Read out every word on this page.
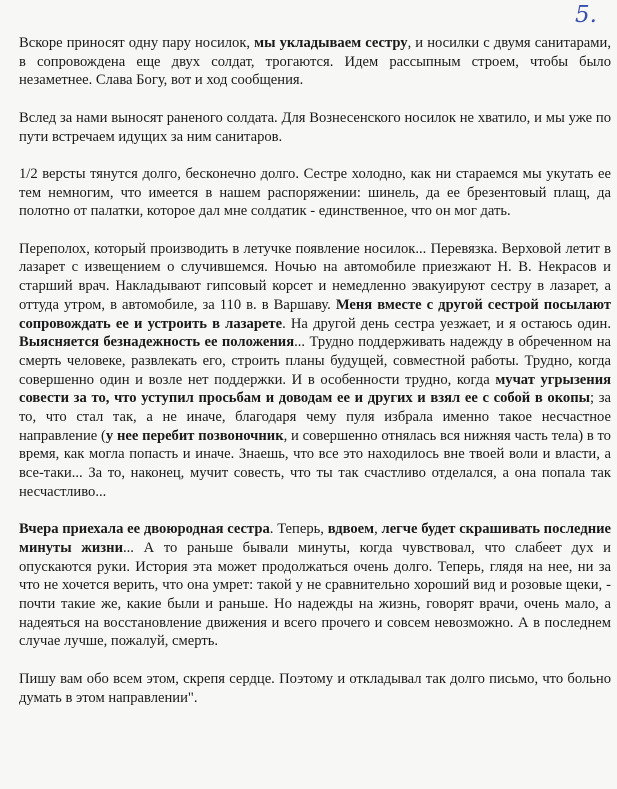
5.

Вскоре приносят одну пару носилок, мы укладываем сестру, и носилки с двумя санитарами, в сопровождена еще двух солдат, трогаются. Идем рассыпным строем, чтобы было незаметнее. Слава Богу, вот и ход сообщения.

Вслед за нами выносят раненого солдата. Для Вознесенского носилок не хватило, и мы уже по пути встречаем идущих за ним санитаров.

1/2 версты тянутся долго, бесконечно долго. Сестре холодно, как ни стараемся мы укутать ее тем немногим, что имеется в нашем распоряжении: шинель, да ее брезентовый плащ, да полотно от палатки, которое дал мне солдатик - единственное, что он мог дать.

Переполох, который производить в летучке появление носилок... Перевязка. Верховой летит в лазарет с извещением о случившемся. Ночью на автомобиле приезжают Н. В. Некрасов и старший врач. Накладывают гипсовый корсет и немедленно эвакуируют сестру в лазарет, а оттуда утром, в автомобиле, за 110 в. в Варшаву. Меня вместе с другой сестрой посылают сопровождать ее и устроить в лазарете. На другой день сестра уезжает, и я остаюсь один. Выясняется безнадежность ее положения... Трудно поддерживать надежду в обреченном на смерть человеке, развлекать его, строить планы будущей, совместной работы. Трудно, когда совершенно один и возле нет поддержки. И в особенности трудно, когда мучат угрызения совести за то, что уступил просьбам и доводам ее и других и взял ее с собой в окопы; за то, что стал так, а не иначе, благодаря чему пуля избрала именно такое несчастное направление (у нее перебит позвоночник, и совершенно отнялась вся нижняя часть тела) в то время, как могла попасть и иначе. Знаешь, что все это находилось вне твоей воли и власти, а все-таки... За то, наконец, мучит совесть, что ты так счастливо отделался, а она попала так несчастливо...

Вчера приехала ее двоюродная сестра. Теперь, вдвоем, легче будет скрашивать последние минуты жизни... А то раньше бывали минуты, когда чувствовал, что слабеет дух и опускаются руки. История эта может продолжаться очень долго. Теперь, глядя на нее, ни за что не хочется верить, что она умрет: такой у не сравнительно хороший вид и розовые щеки, - почти такие же, какие были и раньше. Но надежды на жизнь, говорят врачи, очень мало, а надеяться на восстановление движения и всего прочего и совсем невозможно. А в последнем случае лучше, пожалуй, смерть.

Пишу вам обо всем этом, скрепя сердце. Поэтому и откладывал так долго письмо, что больно думать в этом направлении".
